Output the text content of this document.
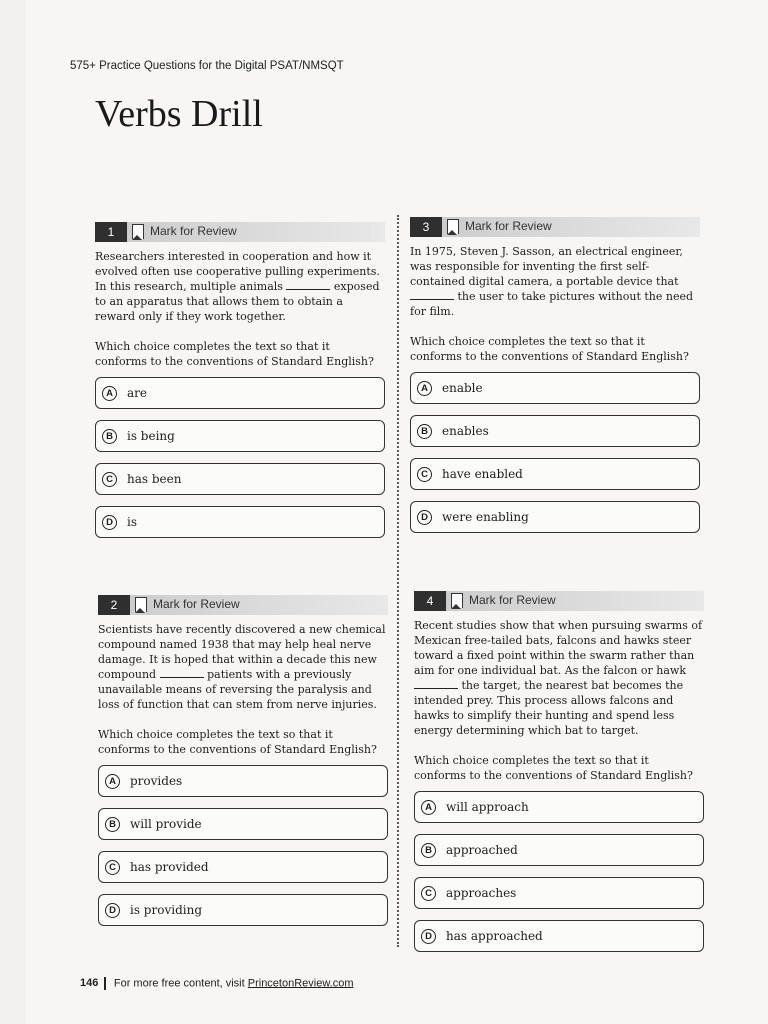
575+ Practice Questions for the Digital PSAT/NMSQT
Verbs Drill
1	Mark for Review

Researchers interested in cooperation and how it evolved often use cooperative pulling experiments. In this research, multiple animals	exposed to an apparatus that allows them to obtain a reward only if they work together.

Which choice completes the text so that it conforms to the conventions of Standard English?

A	are
B	is being
C	has been
D	is
2	Mark for Review

Scientists have recently discovered a new chemical compound named 1938 that may help heal nerve damage. It is hoped that within a decade this new compound	patients with a previously unavailable means of reversing the paralysis and loss of function that can stem from nerve injuries.

Which choice completes the text so that it conforms to the conventions of Standard English?

A	provides
B	will provide
C	has provided
D	is providing
3	Mark for Review

In 1975, Steven J. Sasson, an electrical engineer, was responsible for inventing the first self-contained digital camera, a portable device that  the user to take pictures without the need for film.

Which choice completes the text so that it conforms to the conventions of Standard English?

A	enable
B	enables
C	have enabled
D	were enabling
4	Mark for Review

Recent studies show that when pursuing swarms of Mexican free-tailed bats, falcons and hawks steer toward a fixed point within the swarm rather than aim for one individual bat. As the falcon or hawk  the target, the nearest bat becomes the intended prey. This process allows falcons and hawks to simplify their hunting and spend less energy determining which bat to target.

Which choice completes the text so that it conforms to the conventions of Standard English?

A	will approach
B	approached
C	approaches
D	has approached
146 For more free content, visit PrincetonReview.com
